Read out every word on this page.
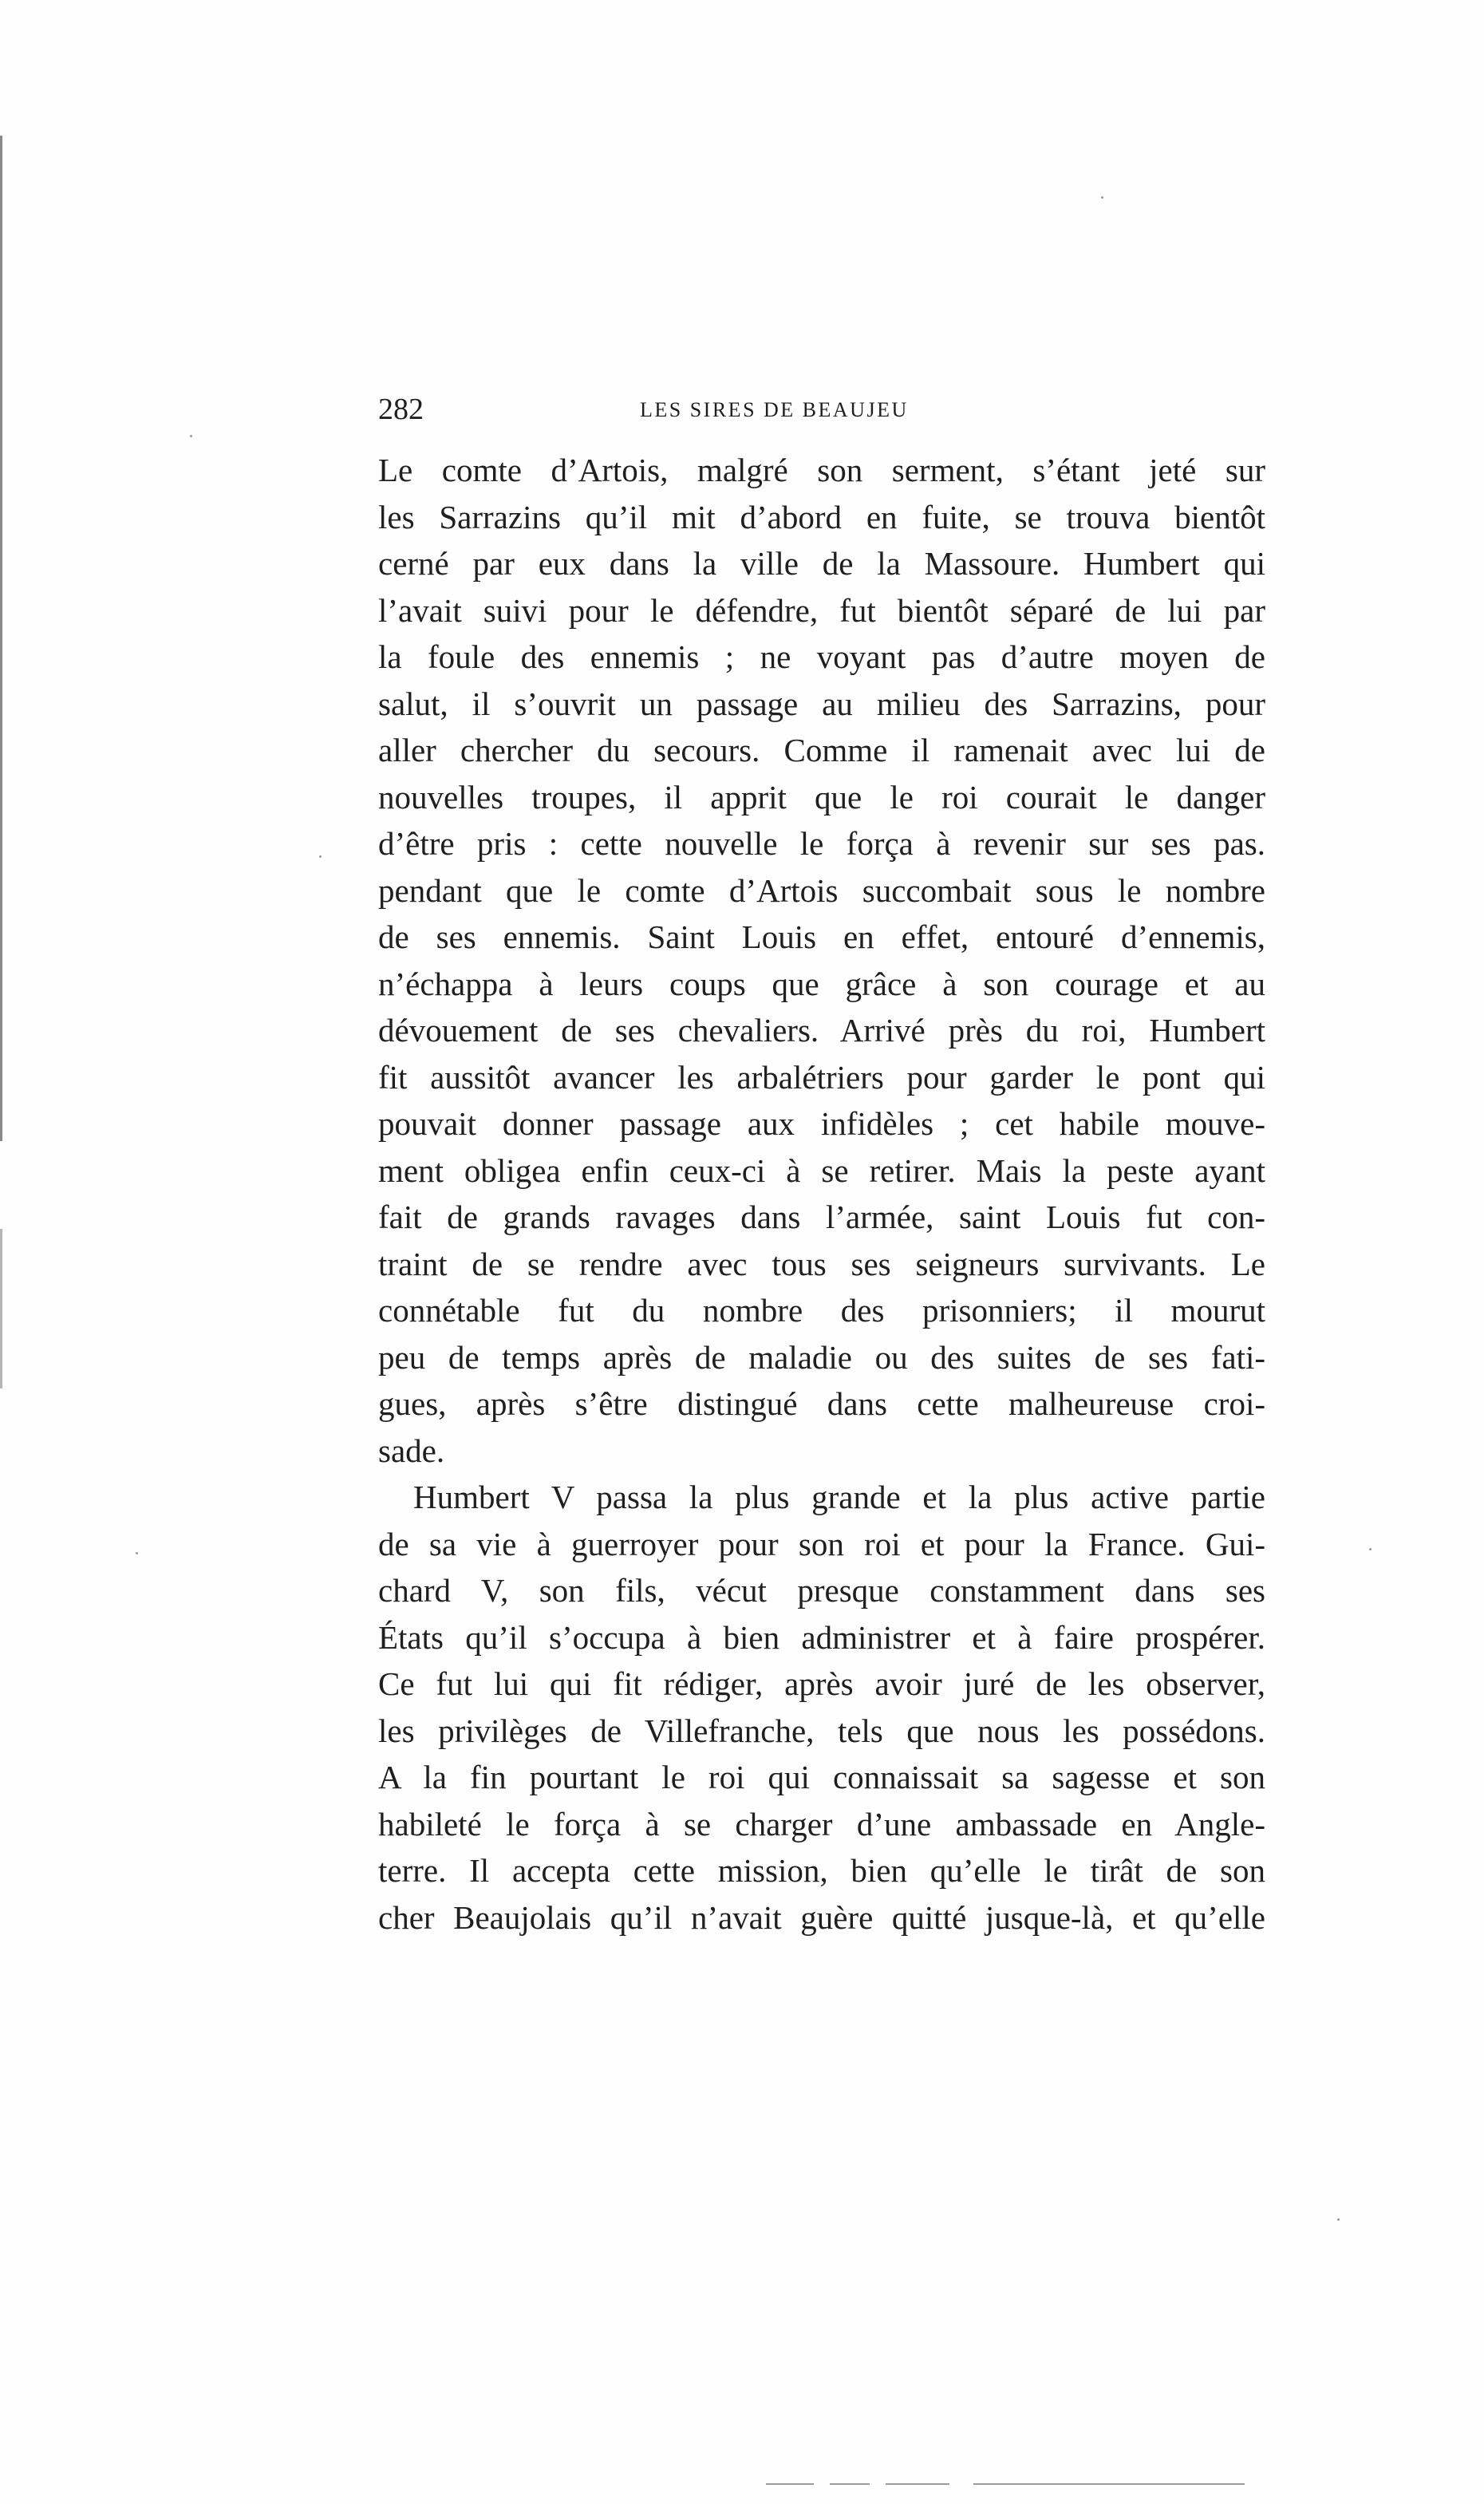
282	LES SIRES DE BEAUJEU
Le comte d’Artois, malgré son serment, s’étant jeté sur
les Sarrazins qu’il mit d’abord en fuite, se trouva bientôt
cerné par eux dans la ville de la Massoure. Humbert qui
l’avait suivi pour le défendre, fut bientôt séparé de lui par
la foule des ennemis ; ne voyant pas d’autre moyen de
salut, il s’ouvrit un passage au milieu des Sarrazins, pour
aller chercher du secours. Comme il ramenait avec lui de
nouvelles troupes, il apprit que le roi courait le danger
d’être pris : cette nouvelle le força à revenir sur ses pas.
pendant que le comte d’Artois succombait sous le nombre
de ses ennemis. Saint Louis en effet, entouré d’ennemis,
n’échappa à leurs coups que grâce à son courage et au
dévouement de ses chevaliers. Arrivé près du roi, Humbert
fit aussitôt avancer les arbalétriers pour garder le pont qui
pouvait donner passage aux infidèles ; cet habile mouve-
ment obligea enfin ceux-ci à se retirer. Mais la peste ayant
fait de grands ravages dans l’armée, saint Louis fut con-
traint de se rendre avec tous ses seigneurs survivants. Le
connétable fut du nombre des prisonniers; il mourut
peu de temps après de maladie ou des suites de ses fati-
gues, après s’être distingué dans cette malheureuse croi-
sade.
Humbert V passa la plus grande et la plus active partie
de sa vie à guerroyer pour son roi et pour la France. Gui-
chard V, son fils, vécut presque constamment dans ses
États qu’il s’occupa à bien administrer et à faire prospérer.
Ce fut lui qui fit rédiger, après avoir juré de les observer,
les privilèges de Villefranche, tels que nous les possédons.
A la fin pourtant le roi qui connaissait sa sagesse et son
habileté le força à se charger d’une ambassade en Angle-
terre. Il accepta cette mission, bien qu’elle le tirât de son
cher Beaujolais qu’il n’avait guère quitté jusque-là, et qu’elle
